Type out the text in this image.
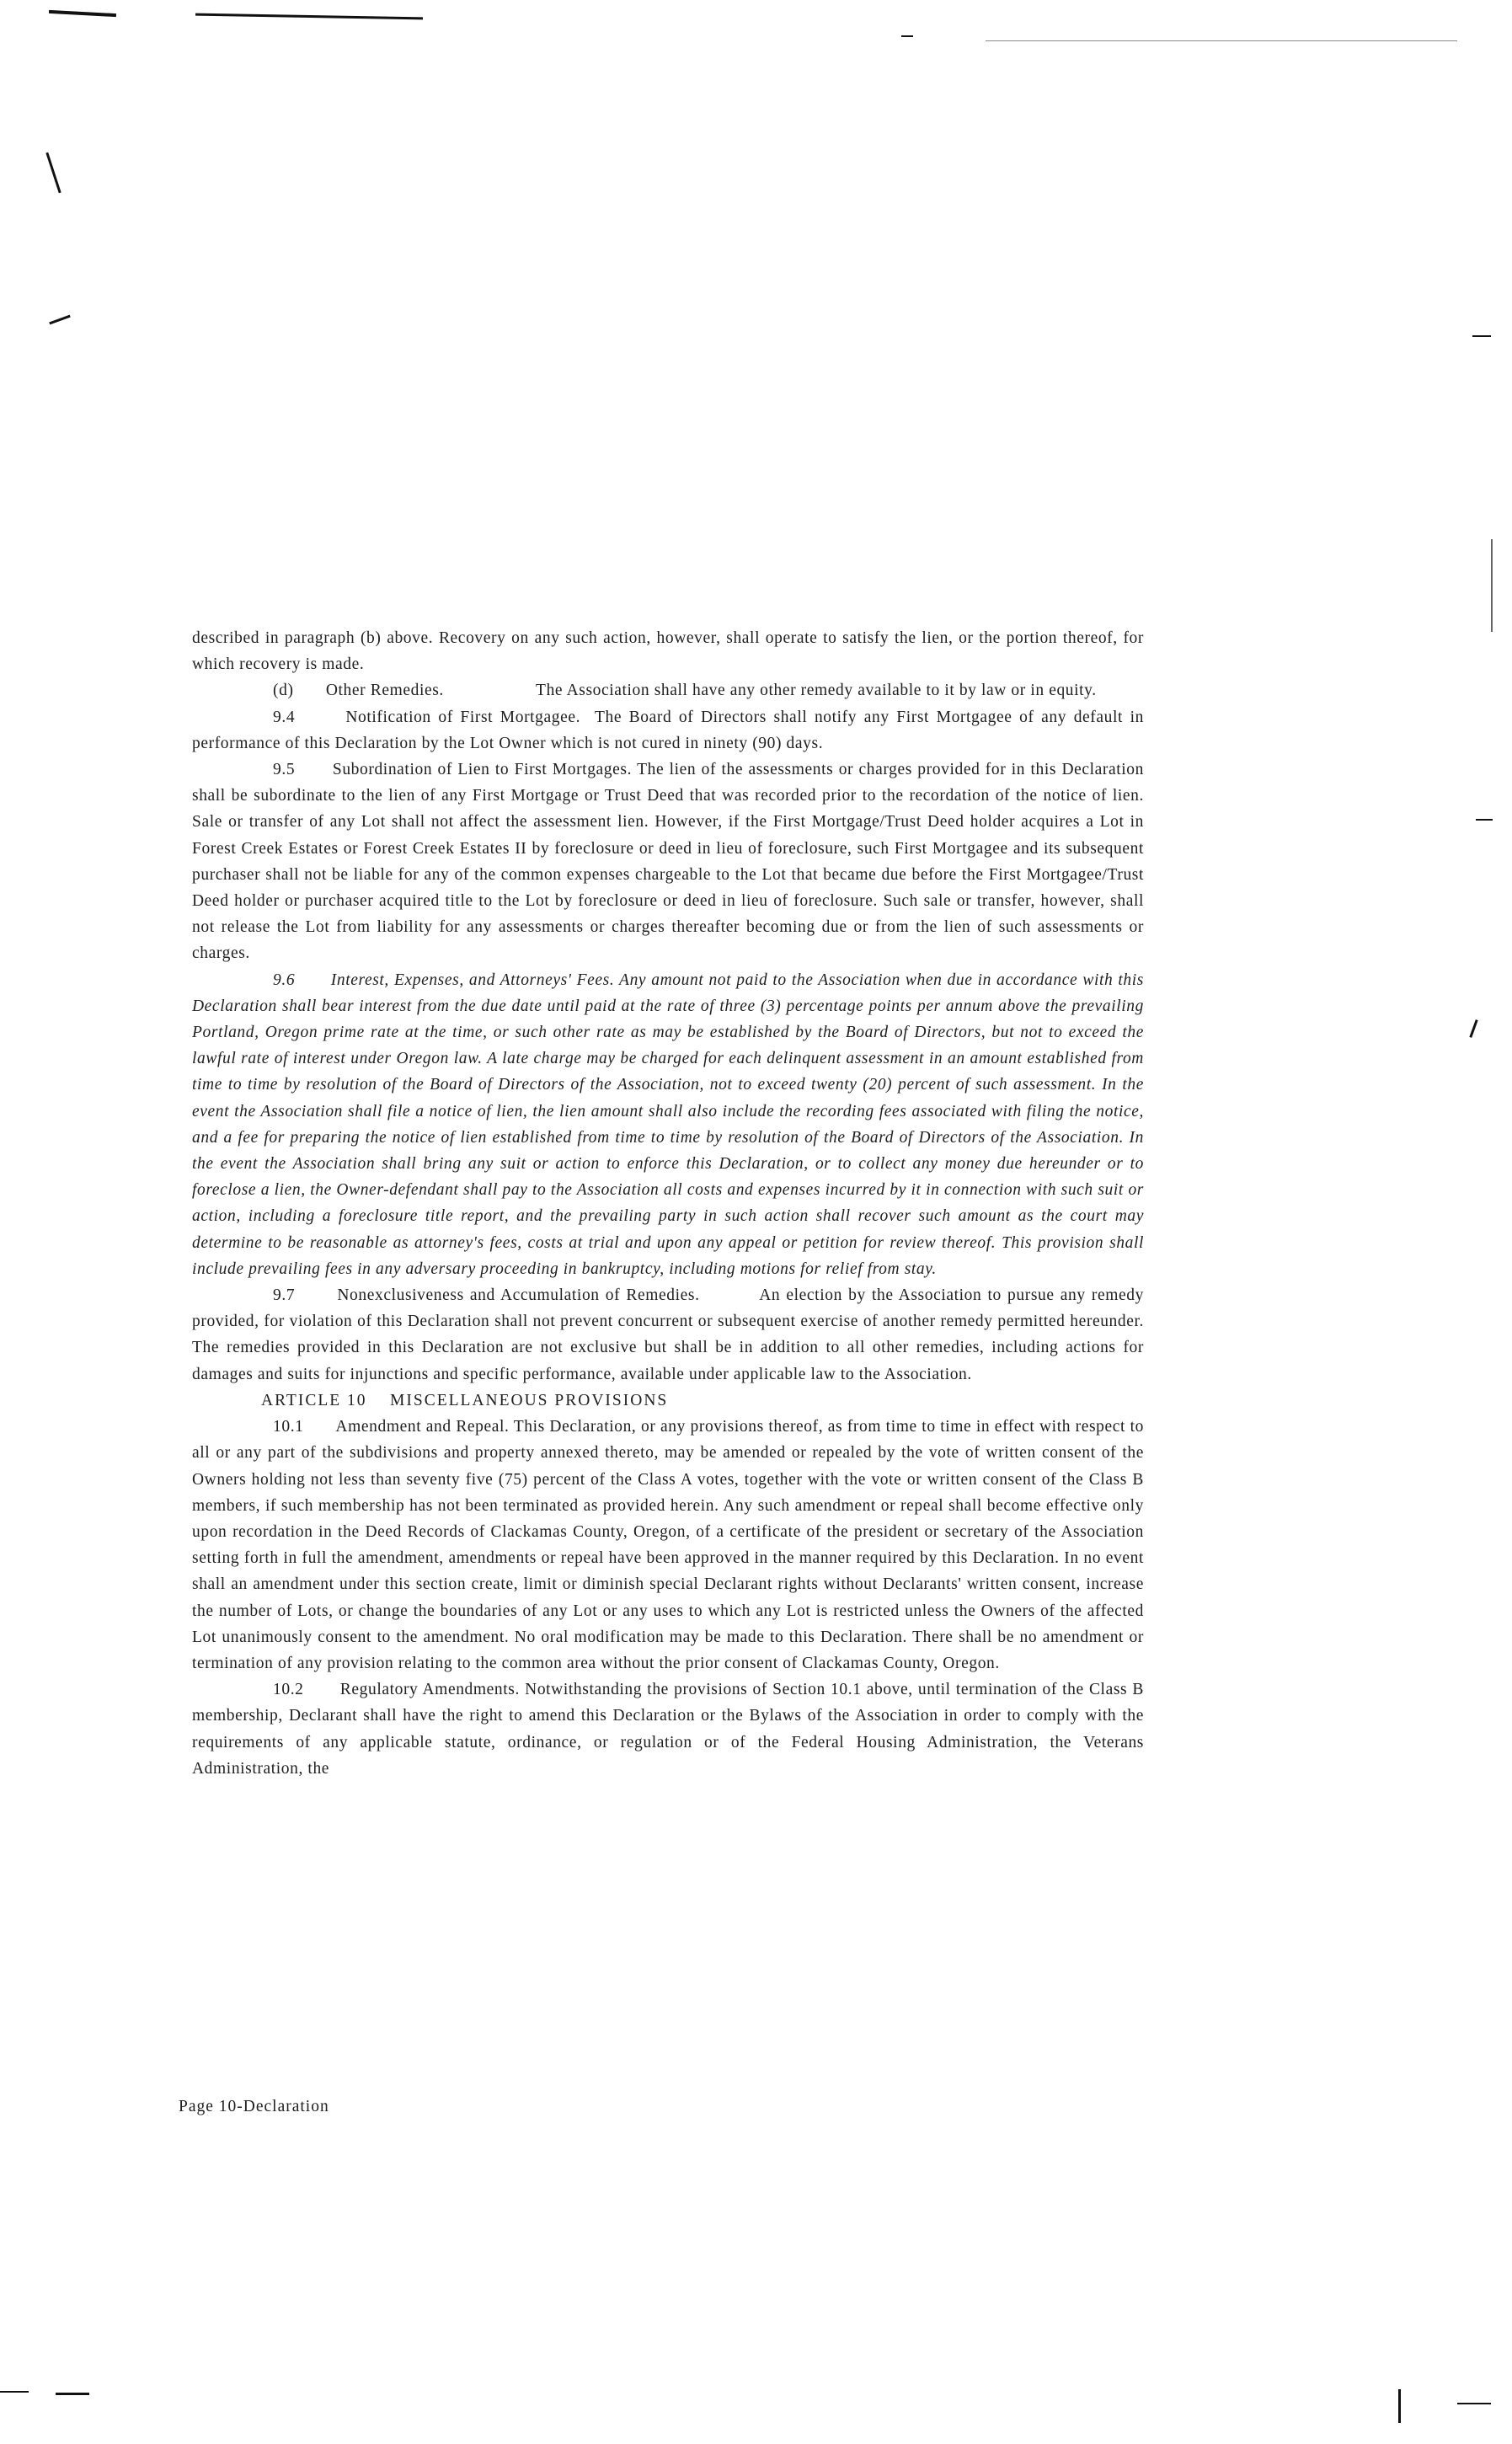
described in paragraph (b) above. Recovery on any such action, however, shall operate to satisfy the lien, or the portion thereof, for which recovery is made.

(d)       Other Remedies.                    The Association shall have any other remedy available to it by law or in equity.

9.4       Notification of First Mortgagee.  The Board of Directors shall notify any First Mortgagee of any default in performance of this Declaration by the Lot Owner which is not cured in ninety (90) days.

9.5       Subordination of Lien to First Mortgages. The lien of the assessments or charges provided for in this Declaration shall be subordinate to the lien of any First Mortgage or Trust Deed that was recorded prior to the recordation of the notice of lien. Sale or transfer of any Lot shall not affect the assessment lien. However, if the First Mortgage/Trust Deed holder acquires a Lot in Forest Creek Estates or Forest Creek Estates II by foreclosure or deed in lieu of foreclosure, such First Mortgagee and its subsequent purchaser shall not be liable for any of the common expenses chargeable to the Lot that became due before the First Mortgagee/Trust Deed holder or purchaser acquired title to the Lot by foreclosure or deed in lieu of foreclosure. Such sale or transfer, however, shall not release the Lot from liability for any assessments or charges thereafter becoming due or from the lien of such assessments or charges.

9.6       Interest, Expenses, and Attorneys' Fees. Any amount not paid to the Association when due in accordance with this Declaration shall bear interest from the due date until paid at the rate of three (3) percentage points per annum above the prevailing Portland, Oregon prime rate at the time, or such other rate as may be established by the Board of Directors, but not to exceed the lawful rate of interest under Oregon law. A late charge may be charged for each delinquent assessment in an amount established from time to time by resolution of the Board of Directors of the Association, not to exceed twenty (20) percent of such assessment. In the event the Association shall file a notice of lien, the lien amount shall also include the recording fees associated with filing the notice, and a fee for preparing the notice of lien established from time to time by resolution of the Board of Directors of the Association. In the event the Association shall bring any suit or action to enforce this Declaration, or to collect any money due hereunder or to foreclose a lien, the Owner-defendant shall pay to the Association all costs and expenses incurred by it in connection with such suit or action, including a foreclosure title report, and the prevailing party in such action shall recover such amount as the court may determine to be reasonable as attorney's fees, costs at trial and upon any appeal or petition for review thereof. This provision shall include prevailing fees in any adversary proceeding in bankruptcy, including motions for relief from stay.

9.7       Nonexclusiveness and Accumulation of Remedies.          An election by the Association to pursue any remedy provided, for violation of this Declaration shall not prevent concurrent or subsequent exercise of another remedy permitted hereunder. The remedies provided in this Declaration are not exclusive but shall be in addition to all other remedies, including actions for damages and suits for injunctions and specific performance, available under applicable law to the Association.

ARTICLE 10    MISCELLANEOUS PROVISIONS

10.1       Amendment and Repeal. This Declaration, or any provisions thereof, as from time to time in effect with respect to all or any part of the subdivisions and property annexed thereto, may be amended or repealed by the vote of written consent of the Owners holding not less than seventy five (75) percent of the Class A votes, together with the vote or written consent of the Class B members, if such membership has not been terminated as provided herein. Any such amendment or repeal shall become effective only upon recordation in the Deed Records of Clackamas County, Oregon, of a certificate of the president or secretary of the Association setting forth in full the amendment, amendments or repeal have been approved in the manner required by this Declaration. In no event shall an amendment under this section create, limit or diminish special Declarant rights without Declarants' written consent, increase the number of Lots, or change the boundaries of any Lot or any uses to which any Lot is restricted unless the Owners of the affected Lot unanimously consent to the amendment. No oral modification may be made to this Declaration. There shall be no amendment or termination of any provision relating to the common area without the prior consent of Clackamas County, Oregon.

10.2       Regulatory Amendments. Notwithstanding the provisions of Section 10.1 above, until termination of the Class B membership, Declarant shall have the right to amend this Declaration or the Bylaws of the Association in order to comply with the requirements of any applicable statute, ordinance, or regulation or of the Federal Housing Administration, the Veterans Administration, the

Page 10-Declaration
